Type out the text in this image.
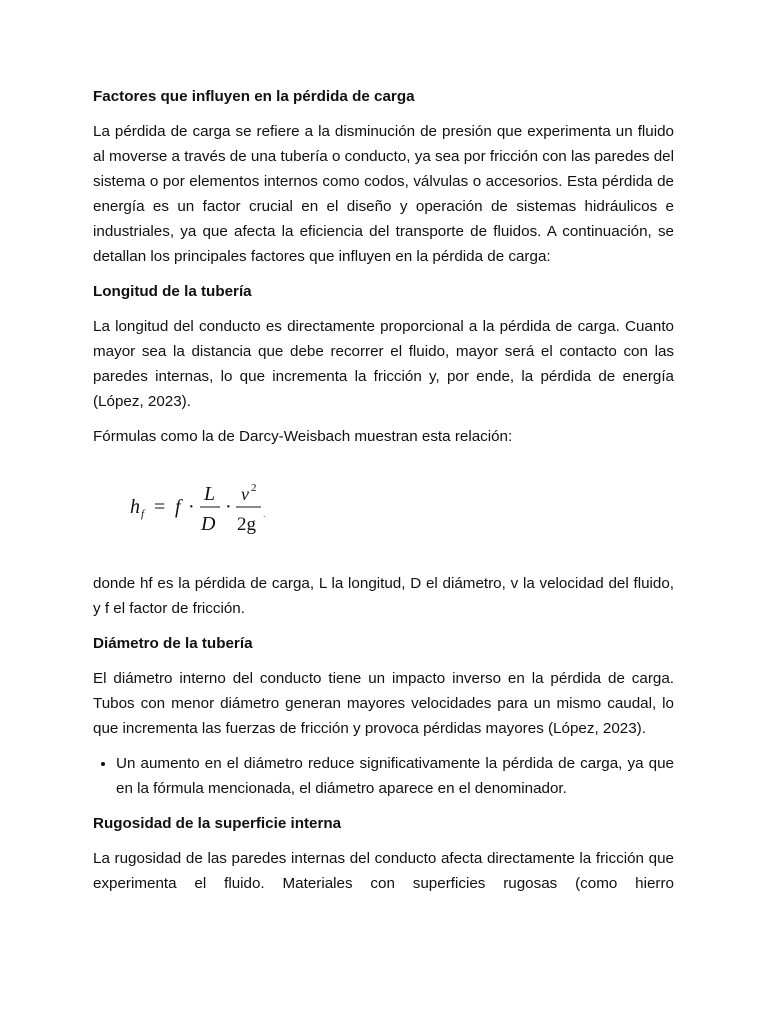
Factores que influyen en la pérdida de carga

La pérdida de carga se refiere a la disminución de presión que experimenta un fluido al moverse a través de una tubería o conducto, ya sea por fricción con las paredes del sistema o por elementos internos como codos, válvulas o accesorios. Esta pérdida de energía es un factor crucial en el diseño y operación de sistemas hidráulicos e industriales, ya que afecta la eficiencia del transporte de fluidos. A continuación, se detallan los principales factores que influyen en la pérdida de carga:

Longitud de la tubería

La longitud del conducto es directamente proporcional a la pérdida de carga. Cuanto mayor sea la distancia que debe recorrer el fluido, mayor será el contacto con las paredes internas, lo que incrementa la fricción y, por ende, la pérdida de energía (López, 2023).

Fórmulas como la de Darcy-Weisbach muestran esta relación:

h f = f ·
L
D
·
v 2
2g .

donde hf es la pérdida de carga, L la longitud, D el diámetro, v la velocidad del fluido, y f el factor de fricción.

Diámetro de la tubería

El diámetro interno del conducto tiene un impacto inverso en la pérdida de carga. Tubos con menor diámetro generan mayores velocidades para un mismo caudal, lo que incrementa las fuerzas de fricción y provoca pérdidas mayores (López, 2023).

• Un aumento en el diámetro reduce significativamente la pérdida de carga, ya que en la fórmula mencionada, el diámetro aparece en el denominador.
Rugosidad de la superficie interna

La rugosidad de las paredes internas del conducto afecta directamente la fricción que experimenta el fluido. Materiales con superficies rugosas (como hierro
